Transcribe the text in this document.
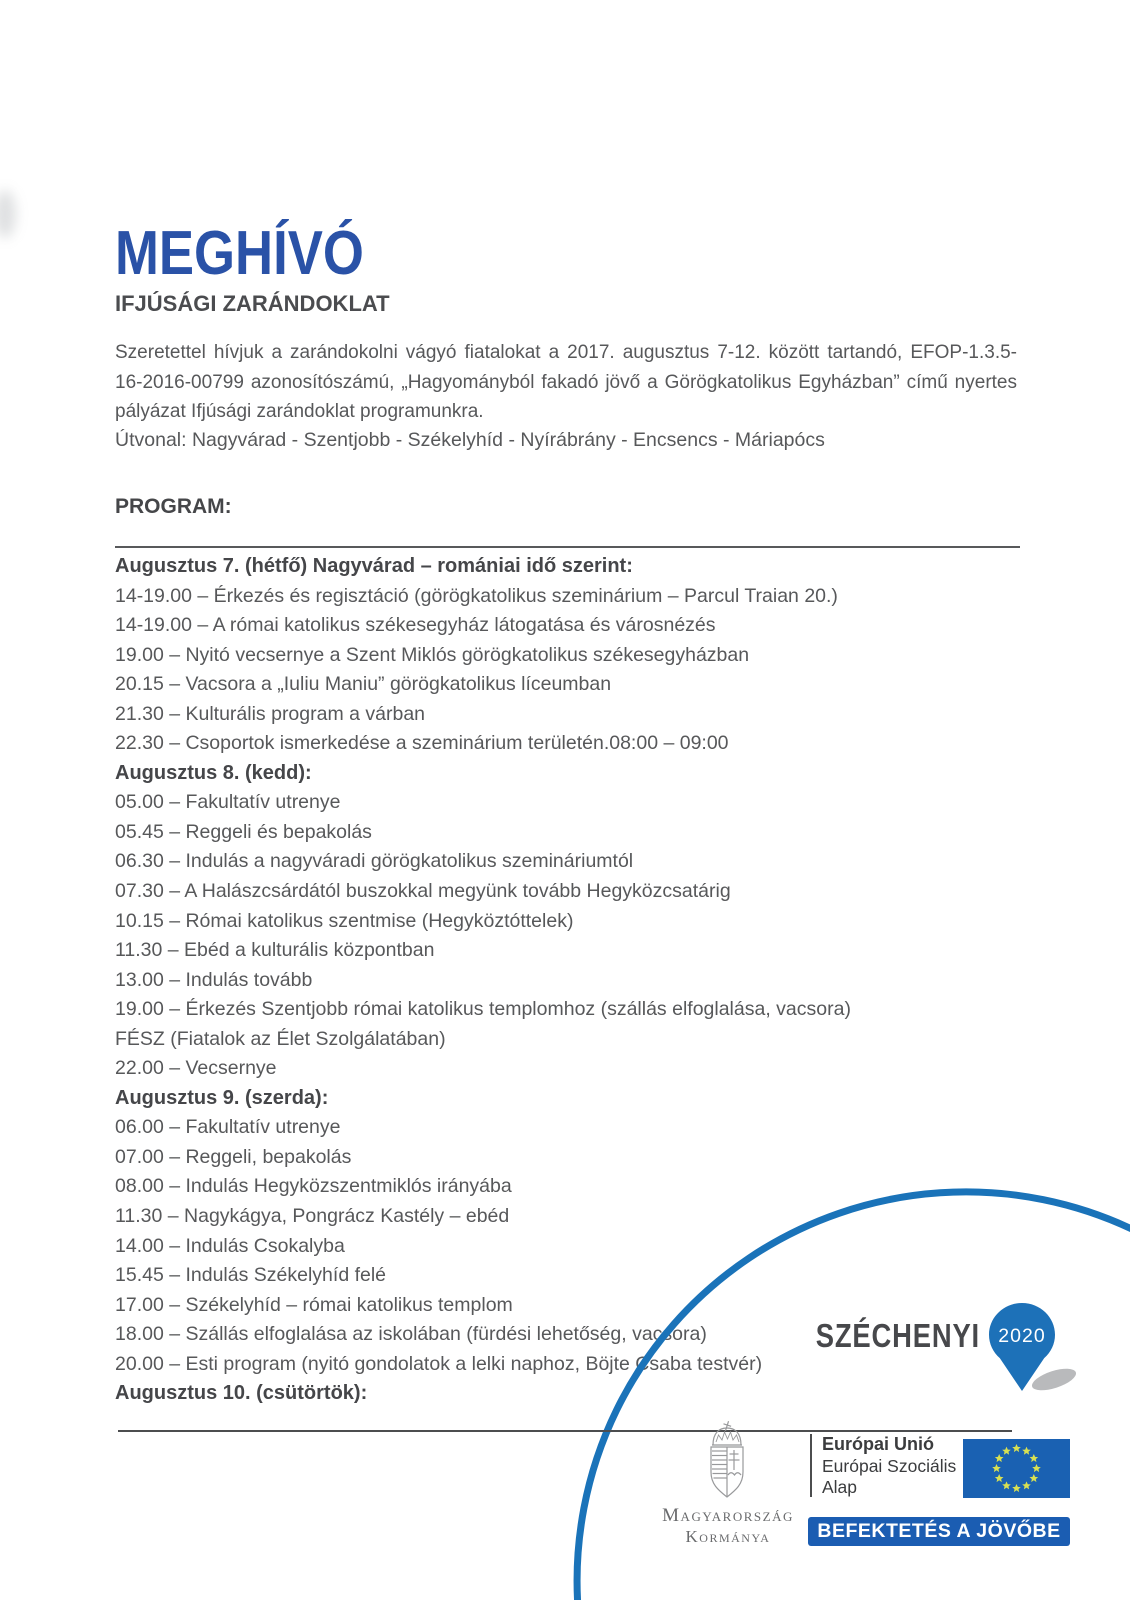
MEGHÍVÓ
IFJÚSÁGI ZARÁNDOKLAT
Szeretettel hívjuk a zarándokolni vágyó fiatalokat a 2017. augusztus 7-12. között tartandó, EFOP-1.3.5-
16-2016-00799 azonosítószámú, „Hagyományból fakadó jövő a Görögkatolikus Egyházban” című nyertes
pályázat Ifjúsági zarándoklat programunkra.
Útvonal: Nagyvárad - Szentjobb - Székelyhíd - Nyírábrány - Encsencs - Máriapócs
PROGRAM:
Augusztus 7. (hétfő) Nagyvárad – romániai idő szerint:
14-19.00 – Érkezés és regisztáció (görögkatolikus szeminárium – Parcul Traian 20.)
14-19.00 – A római katolikus székesegyház látogatása és városnézés
19.00 – Nyitó vecsernye a Szent Miklós görögkatolikus székesegyházban
20.15 – Vacsora a „Iuliu Maniu” görögkatolikus líceumban
21.30 – Kulturális program a várban
22.30 – Csoportok ismerkedése a szeminárium területén.08:00 – 09:00
Augusztus 8. (kedd):
05.00 – Fakultatív utrenye
05.45 – Reggeli és bepakolás
06.30 – Indulás a nagyváradi görögkatolikus szemináriumtól
07.30 – A Halászcsárdától buszokkal megyünk tovább Hegyközcsatárig
10.15 – Római katolikus szentmise (Hegyköztóttelek)
11.30 – Ebéd a kulturális központban
13.00 – Indulás tovább
19.00 – Érkezés Szentjobb római katolikus templomhoz (szállás elfoglalása, vacsora)
FÉSZ (Fiatalok az Élet Szolgálatában)
22.00 – Vecsernye
Augusztus 9. (szerda):
06.00 – Fakultatív utrenye
07.00 – Reggeli, bepakolás
08.00 – Indulás Hegyközszentmiklós irányába
11.30 – Nagykágya, Pongrácz Kastély – ebéd
14.00 – Indulás Csokalyba
15.45 – Indulás Székelyhíd felé
17.00 – Székelyhíd – római katolikus templom
18.00 – Szállás elfoglalása az iskolában (fürdési lehetőség, vacsora)
20.00 – Esti program (nyitó gondolatok a lelki naphoz, Böjte Csaba testvér)
Augusztus 10. (csütörtök):
SZÉCHENYI 2020
Magyarország
Kormánya
Európai Unió
Európai Szociális
Alap
BEFEKTETÉS A JÖVŐBE
